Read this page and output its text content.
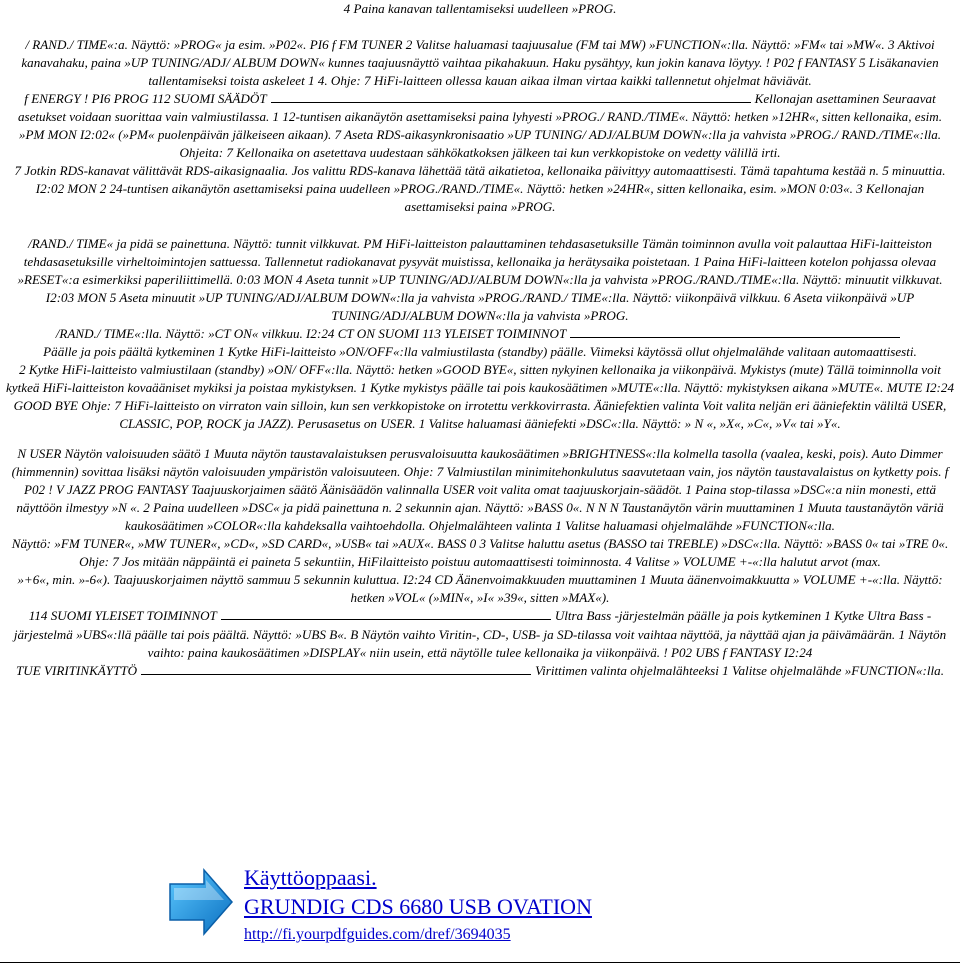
4 Paina kanavan tallentamiseksi uudelleen »PROG.

/ RAND./ TIME«:a. Näyttö: »PROG« ja esim. »P02«. PI6 f FM TUNER 2 Valitse haluamasi taajuusalue (FM tai MW) »FUNCTION«:lla. Näyttö: »FM« tai »MW«. 3 Aktivoi kanavahaku, paina »UP TUNING/ADJ/ ALBUM DOWN« kunnes taajuusnäyttö vaihtaa pikahakuun. Haku pysähtyy, kun jokin kanava löytyy. ! P02 f FANTASY 5 Lisäkanavien tallentamiseksi toista askeleet 1 4. Ohje: 7 HiFi-laitteen ollessa kauan aikaa ilman virtaa kaikki tallennetut ohjelmat häviävät.

f ENERGY ! PI6 PROG 112 SUOMI SÄÄDÖT	Kellonajan asettaminen Seuraavat asetukset voidaan suorittaa vain valmiustilassa. 1 12-tuntisen aikanäytön asettamiseksi paina lyhyesti »PROG./ RAND./TIME«. Näyttö: hetken »12HR«, sitten kellonaika, esim.

»PM MON I2:02« (»PM« puolenpäivän jälkeiseen aikaan). 7 Aseta RDS-aikasynkronisaatio »UP TUNING/ ADJ/ALBUM DOWN«:lla ja vahvista »PROG./ RAND./TIME«:lla. Ohjeita: 7 Kellonaika on asetettava uudestaan sähkökatkoksen jälkeen tai kun verkkopistoke on vedetty välillä irti.

7 Jotkin RDS-kanavat välittävät RDS-aikasignaalia. Jos valittu RDS-kanava lähettää tätä aikatietoa, kellonaika päivittyy automaattisesti. Tämä tapahtuma kestää n. 5 minuuttia. I2:02 MON 2 24-tuntisen aikanäytön asettamiseksi paina uudelleen »PROG./RAND./TIME«. Näyttö: hetken »24HR«, sitten kellonaika, esim. »MON 0:03«. 3 Kellonajan asettamiseksi paina »PROG.

/RAND./ TIME« ja pidä se painettuna. Näyttö: tunnit vilkkuvat. PM HiFi-laitteiston palauttaminen tehdasasetuksille Tämän toiminnon avulla voit palauttaa HiFi-laitteiston tehdasasetuksille virheltoimintojen sattuessa. Tallennetut radiokanavat pysyvät muistissa, kellonaika ja herätysaika poistetaan. 1 Paina HiFi-laitteen kotelon pohjassa olevaa »RESET«:a esimerkiksi paperiliittimellä. 0:03 MON 4 Aseta tunnit »UP TUNING/ADJ/ALBUM DOWN«:lla ja vahvista »PROG./RAND./TIME«:lla. Näyttö: minuutit vilkkuvat.

I2:03 MON 5 Aseta minuutit »UP TUNING/ADJ/ALBUM DOWN«:lla ja vahvista »PROG./RAND./ TIME«:lla. Näyttö: viikonpäivä vilkkuu. 6 Aseta viikonpäivä »UP TUNING/ADJ/ALBUM DOWN«:lla ja vahvista »PROG.

/RAND./ TIME«:lla. Näyttö: »CT ON« vilkkuu. I2:24 CT ON SUOMI 113 YLEISET TOIMINNOT
Päälle ja pois päältä kytkeminen 1 Kytke HiFi-laitteisto »ON/OFF«:lla valmiustilasta (standby) päälle. Viimeksi käytössä ollut ohjelmalähde valitaan automaattisesti.

2 Kytke HiFi-laitteisto valmiustilaan (standby) »ON/ OFF«:lla. Näyttö: hetken »GOOD BYE«, sitten nykyinen kellonaika ja viikonpäivä. Mykistys (mute) Tällä toiminnolla voit kytkeä HiFi-laitteiston kovaääniset mykiksi ja poistaa mykistyksen. 1 Kytke mykistys päälle tai pois kaukosäätimen »MUTE«:lla. Näyttö: mykistyksen aikana »MUTE«. MUTE I2:24 GOOD BYE Ohje: 7 HiFi-laitteisto on virraton vain silloin, kun sen verkkopistoke on irrotettu verkkovirrasta. Ääniefektien valinta Voit valita neljän eri ääniefektin väliltä USER, CLASSIC, POP, ROCK ja JAZZ). Perusasetus on USER. 1 Valitse haluamasi ääniefekti »DSC«:lla. Näyttö: » N «, »X«, »C«, »V« tai »Y«.

N USER Näytön valoisuuden säätö 1 Muuta näytön taustavalaistuksen perusvaloisuutta kaukosäätimen »BRIGHTNESS«:lla kolmella tasolla (vaalea, keski, pois). Auto Dimmer (himmennin) sovittaa lisäksi näytön valoisuuden ympäristön valoisuuteen. Ohje: 7 Valmiustilan minimitehonkulutus saavutetaan vain, jos näytön taustavalaistus on kytketty pois. f P02 ! V JAZZ PROG FANTASY Taajuuskorjaimen säätö Äänisäädön valinnalla USER voit valita omat taajuuskorjain-säädöt. 1 Paina stop-tilassa »DSC«:a niin monesti, että näyttöön ilmestyy »N «. 2 Paina uudelleen »DSC« ja pidä painettuna n. 2 sekunnin ajan. Näyttö: »BASS 0«. N N N Taustanäytön värin muuttaminen 1 Muuta taustanäytön väriä kaukosäätimen »COLOR«:lla kahdeksalla vaihtoehdolla. Ohjelmalähteen valinta 1 Valitse haluamasi ohjelmalähde »FUNCTION«:lla.

Näyttö: »FM TUNER«, »MW TUNER«, »CD«, »SD CARD«, »USB« tai »AUX«. BASS 0 3 Valitse haluttu asetus (BASSO tai TREBLE) »DSC«:lla. Näyttö: »BASS 0« tai »TRE 0«. Ohje: 7 Jos mitään näppäintä ei paineta 5 sekuntiin, HiFilaitteisto poistuu automaattisesti toiminnosta. 4 Valitse » VOLUME +-«:lla halutut arvot (max.

»+6«, min. »-6«). Taajuuskorjaimen näyttö sammuu 5 sekunnin kuluttua. I2:24 CD Äänenvoimakkuuden muuttaminen 1 Muuta äänenvoimakkuutta » VOLUME +-«:lla. Näyttö: hetken »VOL« (»MIN«, »I« »39«, sitten »MAX«).

114 SUOMI YLEISET TOIMINNOT	Ultra Bass -järjestelmän päälle ja pois kytkeminen 1 Kytke Ultra Bass -järjestelmä »UBS«:llä päälle tai pois päältä. Näyttö: »UBS B«. B Näytön vaihto Viritin-, CD-, USB- ja SD-tilassa voit vaihtaa näyttöä, ja näyttää ajan ja päivämäärän. 1 Näytön vaihto: paina kaukosäätimen »DISPLAY« niin usein, että näytölle tulee kellonaika ja viikonpäivä. ! P02 UBS f FANTASY I2:24

TUE VIRITINKÄYTTÖ	Virittimen valinta ohjelmalähteeksi 1 Valitse ohjelmalähde »FUNCTION«:lla.

Käyttöoppaasi.
GRUNDIG CDS 6680 USB OVATION
http://fi.yourpdfguides.com/dref/3694035
